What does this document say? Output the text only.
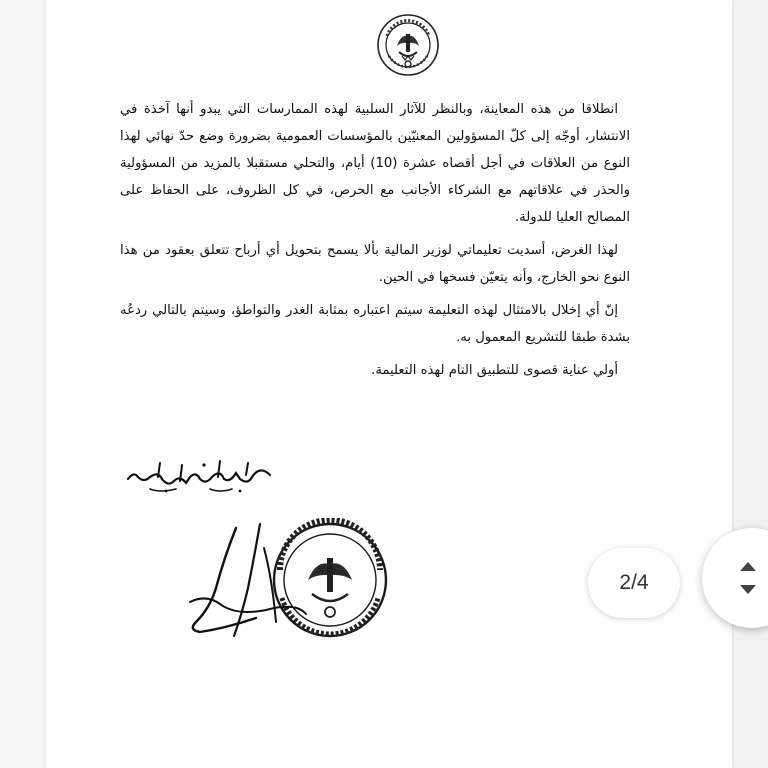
انطلاقا من هذه المعاينة، وبالنظر للآثار السلبية لهذه الممارسات التي يبدو أنها آخذة في الانتشار، أوجّه إلى كلّ المسؤولين المعنيّين بالمؤسسات العمومية بضرورة وضع حدّ نهائي لهذا النوع من العلاقات في أجل أقصاه عشرة (10) أيام، والتحلي مستقبلا بالمزيد من المسؤولية والحذر في علاقاتهم مع الشركاء الأجانب مع الحرص، في كل الظروف، على الحفاظ على المصالح العليا للدولة.

لهذا الغرض، أسديت تعليماتي لوزير المالية بألا يسمح بتحويل أي أرباح تتعلق بعقود من هذا النوع نحو الخارج، وأنه يتعيّن فسخها في الحين.

إنّ أي إخلال بالامتثال لهذه التعليمة سيتم اعتباره بمثابة الغدر والتواطؤ، وسيتم بالتالي ردعُه بشدة طبقا للتشريع المعمول به.

أولي عناية قصوى للتطبيق التام لهذه التعليمة.

2/4
